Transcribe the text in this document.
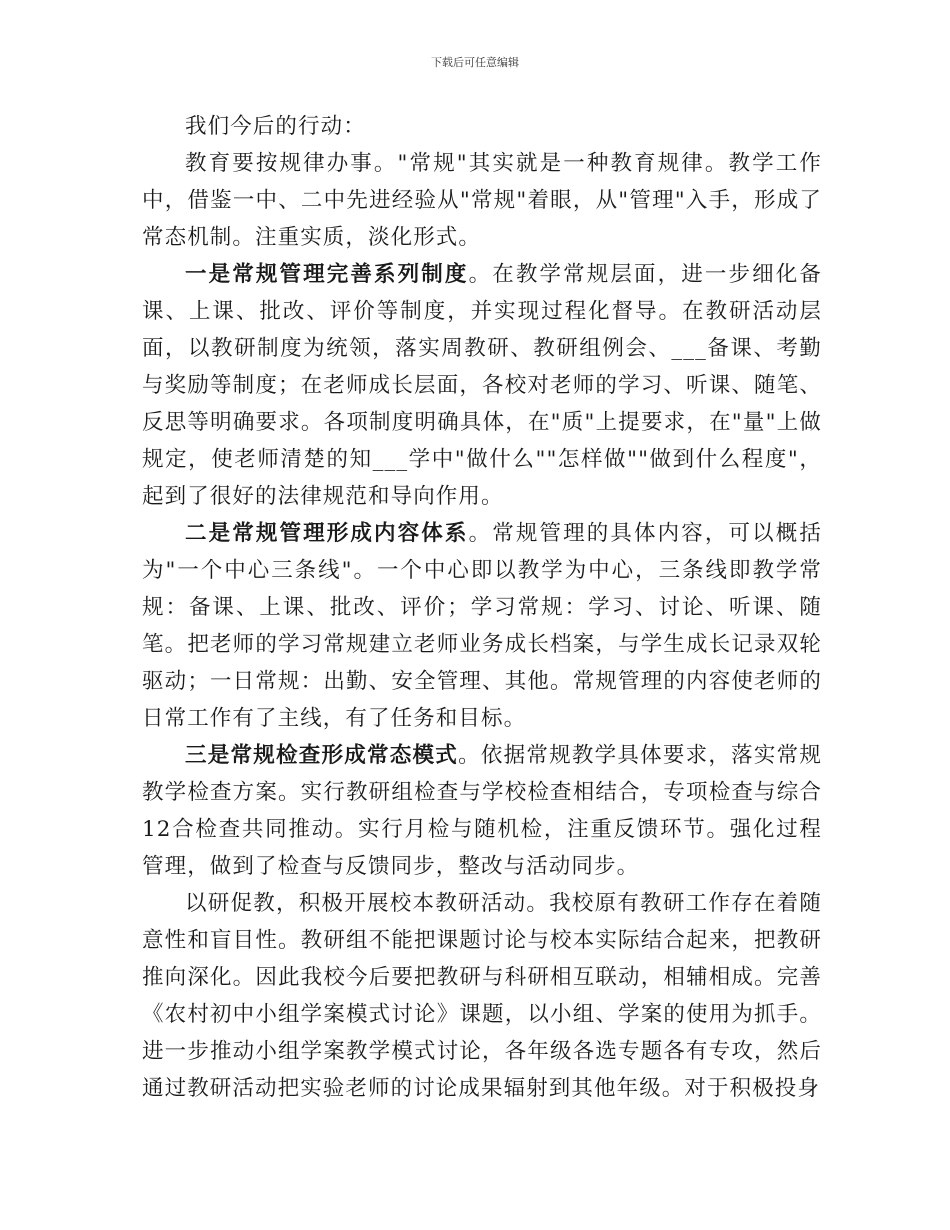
下载后可任意编辑

我们今后的行动：

教育要按规律办事。"常规"其实就是一种教育规律。教学工作中，借鉴一中、二中先进经验从"常规"着眼，从"管理"入手，形成了常态机制。注重实质，淡化形式。

一是常规管理完善系列制度。在教学常规层面，进一步细化备课、上课、批改、评价等制度，并实现过程化督导。在教研活动层面，以教研制度为统领，落实周教研、教研组例会、___备课、考勤与奖励等制度；在老师成长层面，各校对老师的学习、听课、随笔、反思等明确要求。各项制度明确具体，在"质"上提要求，在"量"上做规定，使老师清楚的知___学中"做什么""怎样做""做到什么程度"，起到了很好的法律规范和导向作用。

二是常规管理形成内容体系。常规管理的具体内容，可以概括为"一个中心三条线"。一个中心即以教学为中心，三条线即教学常规：备课、上课、批改、评价；学习常规：学习、讨论、听课、随笔。把老师的学习常规建立老师业务成长档案，与学生成长记录双轮驱动；一日常规：出勤、安全管理、其他。常规管理的内容使老师的日常工作有了主线，有了任务和目标。

三是常规检查形成常态模式。依据常规教学具体要求，落实常规教学检查方案。实行教研组检查与学校检查相结合，专项检查与综合12合检查共同推动。实行月检与随机检，注重反馈环节。强化过程管理，做到了检查与反馈同步，整改与活动同步。

以研促教，积极开展校本教研活动。我校原有教研工作存在着随意性和盲目性。教研组不能把课题讨论与校本实际结合起来，把教研推向深化。因此我校今后要把教研与科研相互联动，相辅相成。完善《农村初中小组学案模式讨论》课题，以小组、学案的使用为抓手。进一步推动小组学案教学模式讨论，各年级各选专题各有专攻，然后通过教研活动把实验老师的讨论成果辐射到其他年级。对于积极投身
